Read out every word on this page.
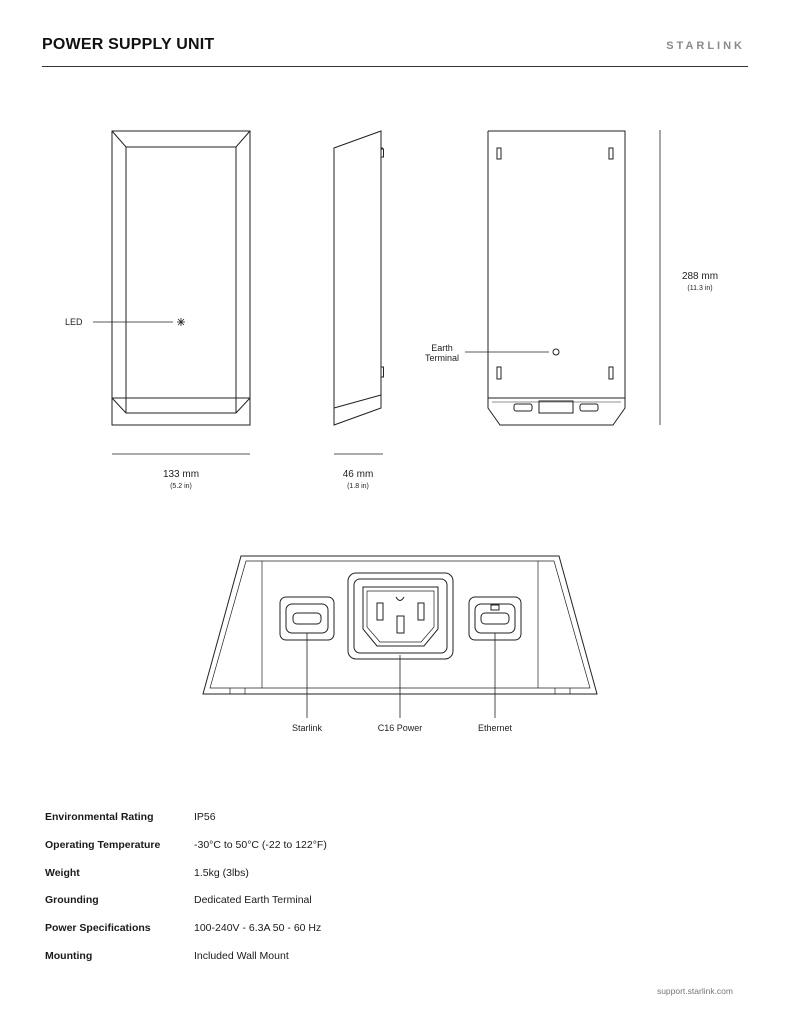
POWER SUPPLY UNIT	STARLINK
LED
Earth
Terminal
133 mm
(5.2 in)
46 mm
(1.8 in)
288 mm
(11.3 in)
Starlink	C16 Power	Ethernet
Environmental Rating	IP56
Operating Temperature	-30°C to 50°C (-22 to 122°F)
Weight	1.5kg (3lbs)
Grounding	Dedicated Earth Terminal
Power Specifications	100-240V - 6.3A 50 - 60 Hz
Mounting	Included Wall Mount
support.starlink.com
